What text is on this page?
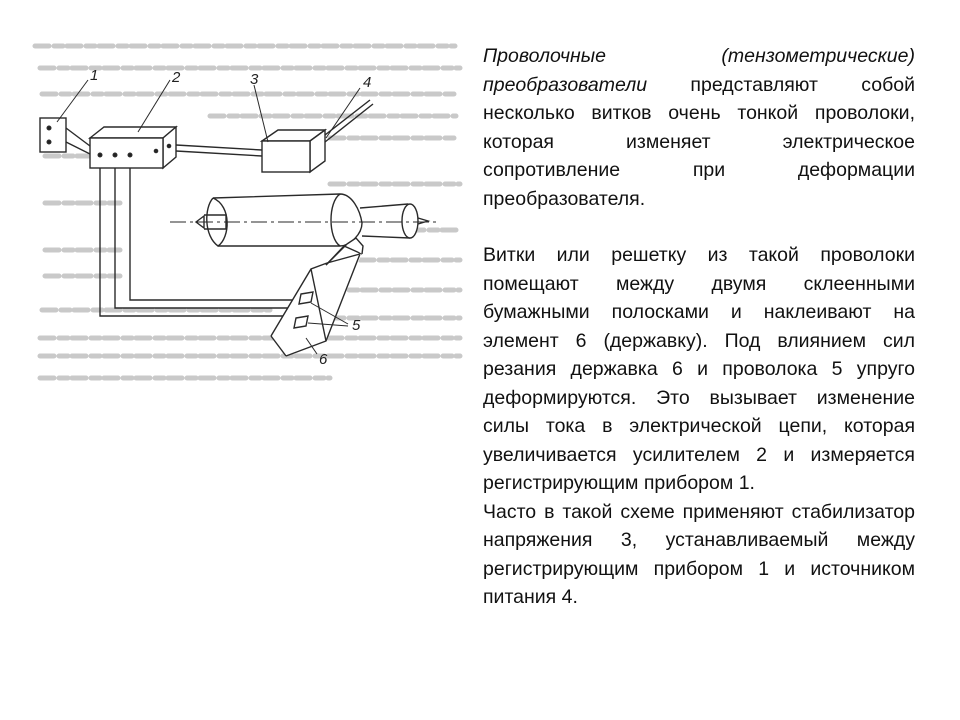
1	2	3	4
5
6

Проволочные (тензометрические) преобразователи представляют собой несколько витков очень тонкой проволоки, которая изменяет электрическое сопротивление при деформации преобразователя.

Витки или решетку из такой проволоки помещают между двумя склеенными бумажными полосками и наклеивают на элемент 6 (державку). Под влиянием сил резания державка 6 и проволока 5 упруго деформируются. Это вызывает изменение силы тока в электрической цепи, которая увеличивается усилителем 2 и измеряется регистрирующим прибором 1.

Часто в такой схеме применяют стабилизатор напряжения 3, устанавливаемый между регистрирующим прибором 1 и источником питания 4.
